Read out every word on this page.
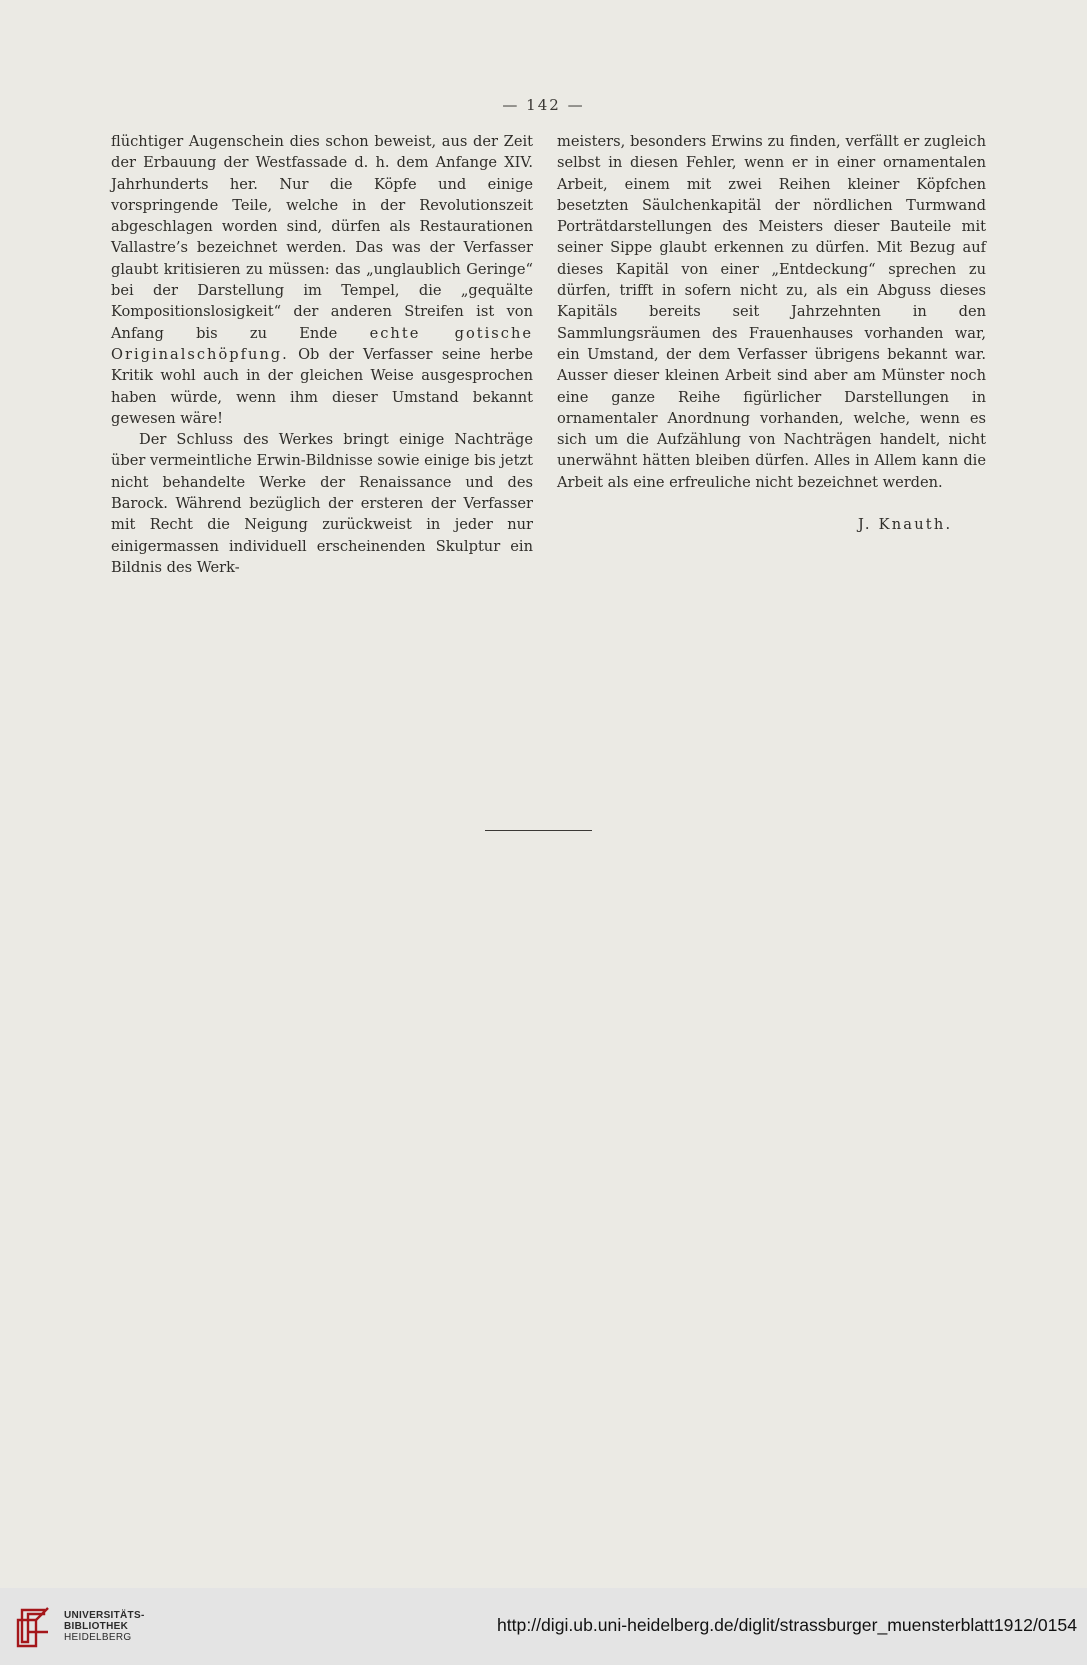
— 142 —

flüchtiger Augenschein dies schon beweist, aus der Zeit der Erbauung der Westfassade d. h. dem Anfange XIV. Jahrhunderts her. Nur die Köpfe und einige vorspringende Teile, welche in der Revolutionszeit abgeschlagen worden sind, dürfen als Restaurationen Vallastre’s bezeichnet werden. Das was der Verfasser glaubt kritisieren zu müssen: das „unglaublich Geringe“ bei der Darstellung im Tempel, die „gequälte Kompositionslosigkeit“ der anderen Streifen ist von Anfang bis zu Ende echte gotische Originalschöpfung. Ob der Verfasser seine herbe Kritik wohl auch in der gleichen Weise ausgesprochen haben würde, wenn ihm dieser Umstand bekannt gewesen wäre!

Der Schluss des Werkes bringt einige Nachträge über vermeintliche Erwin-Bildnisse sowie einige bis jetzt nicht behandelte Werke der Renaissance und des Barock. Während bezüglich der ersteren der Verfasser mit Recht die Neigung zurückweist in jeder nur einigermassen individuell erscheinenden Skulptur ein Bildnis des Werk-

meisters, besonders Erwins zu finden, verfällt er zugleich selbst in diesen Fehler, wenn er in einer ornamentalen Arbeit, einem mit zwei Reihen kleiner Köpfchen besetzten Säulchenkapitäl der nördlichen Turmwand Porträtdarstellungen des Meisters dieser Bauteile mit seiner Sippe glaubt erkennen zu dürfen. Mit Bezug auf dieses Kapitäl von einer „Entdeckung“ sprechen zu dürfen, trifft in sofern nicht zu, als ein Abguss dieses Kapitäls bereits seit Jahrzehnten in den Sammlungsräumen des Frauenhauses vorhanden war, ein Umstand, der dem Verfasser übrigens bekannt war. Ausser dieser kleinen Arbeit sind aber am Münster noch eine ganze Reihe figürlicher Darstellungen in ornamentaler Anordnung vorhanden, welche, wenn es sich um die Aufzählung von Nachträgen handelt, nicht unerwähnt hätten bleiben dürfen. Alles in Allem kann die Arbeit als eine erfreuliche nicht bezeichnet werden.

J. Knauth.
UNIVERSITÄTS-
BIBLIOTHEK
HEIDELBERG
http://digi.ub.uni-heidelberg.de/diglit/strassburger_muensterblatt1912/0154
